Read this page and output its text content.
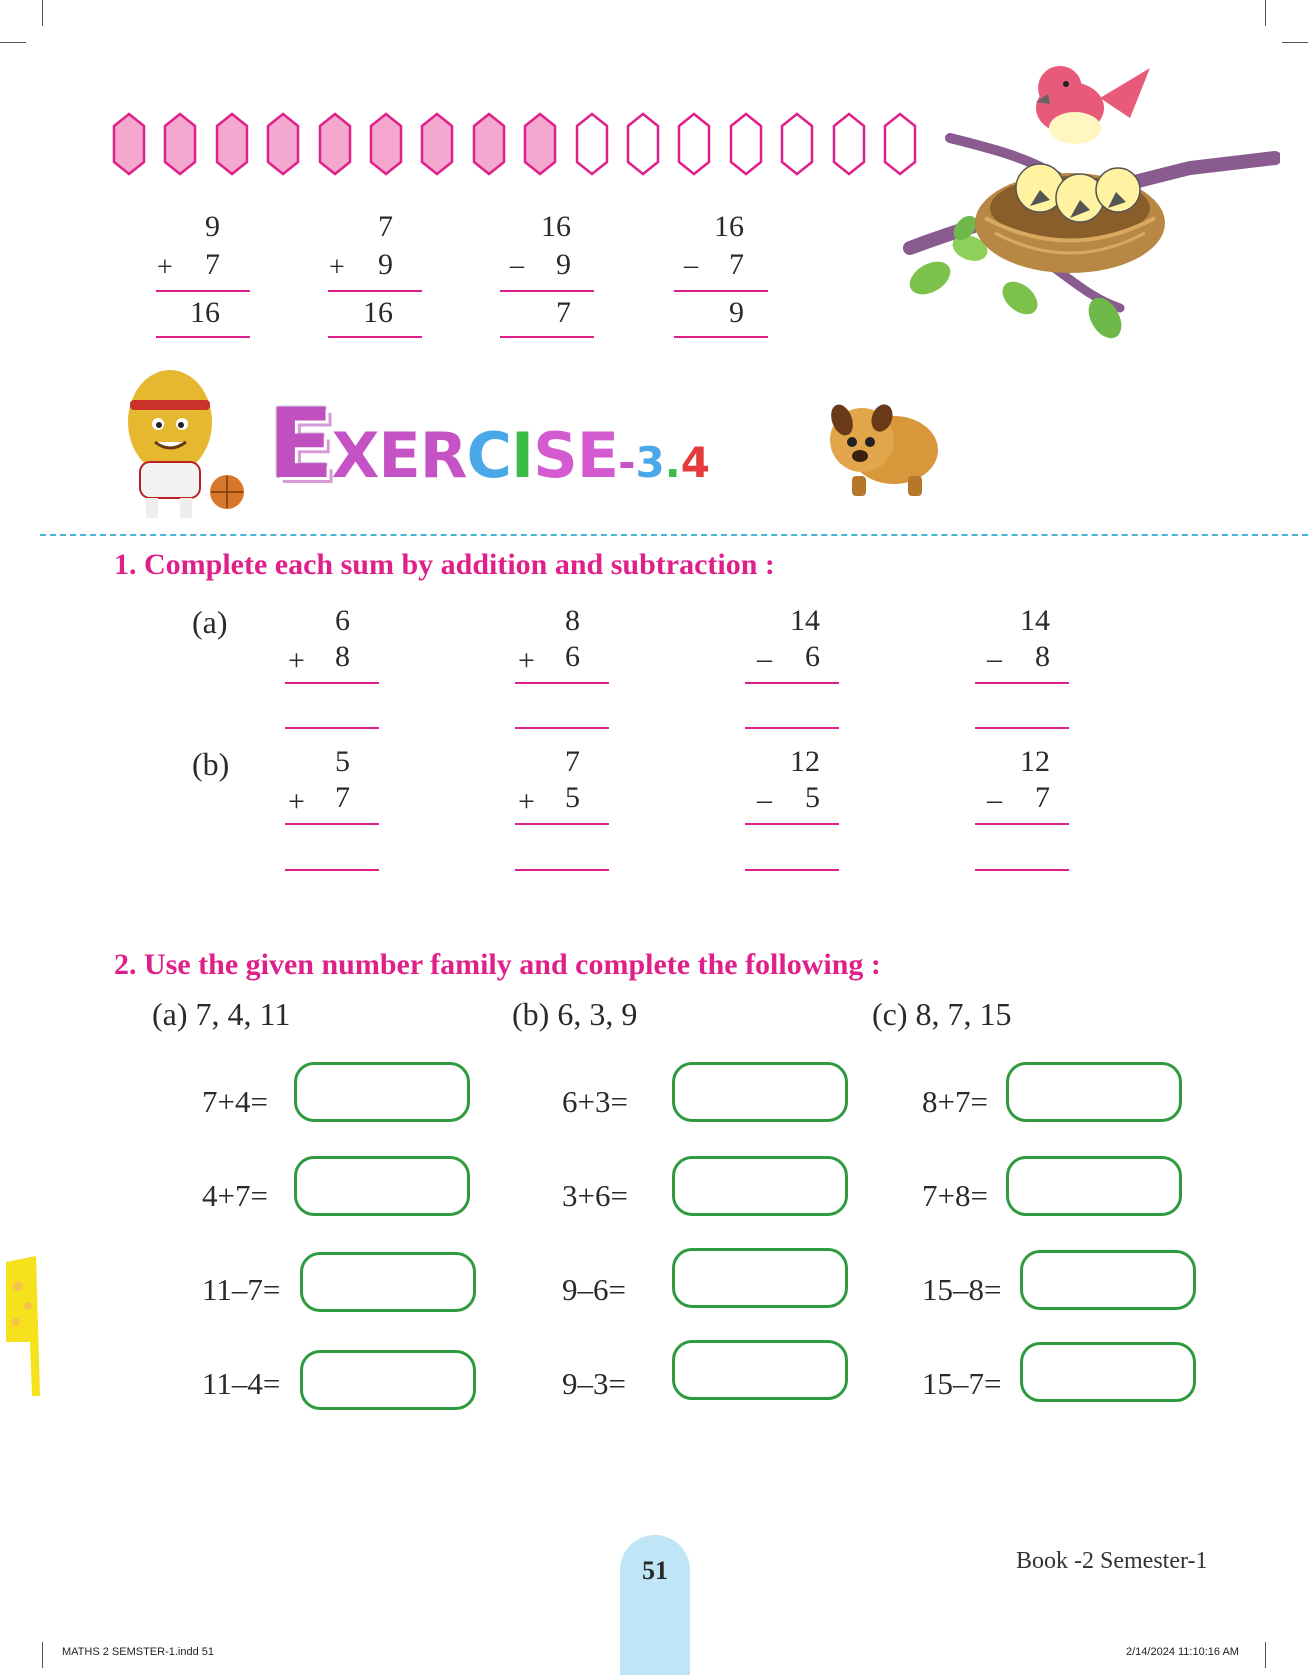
9
+	7
16
7
+	9
16
16
–	9
7
16
–	7
9
EXERCISE-3.4
1. Complete each sum by addition and subtraction :
(a)
(b)
6
+	8
8
+	6
14
–	6
14
–	8
5
+	7
7
+	5
12
–	5
12
–	7
2. Use the given number family and complete the following :
(a) 7, 4, 11	(b) 6, 3, 9	(c) 8, 7, 15
7+4=
4+7=
11–7=
11–4=
6+3=
3+6=
9–6=
9–3=
8+7=
7+8=
15–8=
15–7=
51	Book -2 Semester-1
MATHS 2 SEMSTER-1.indd 51	2/14/2024 11:10:16 AM
